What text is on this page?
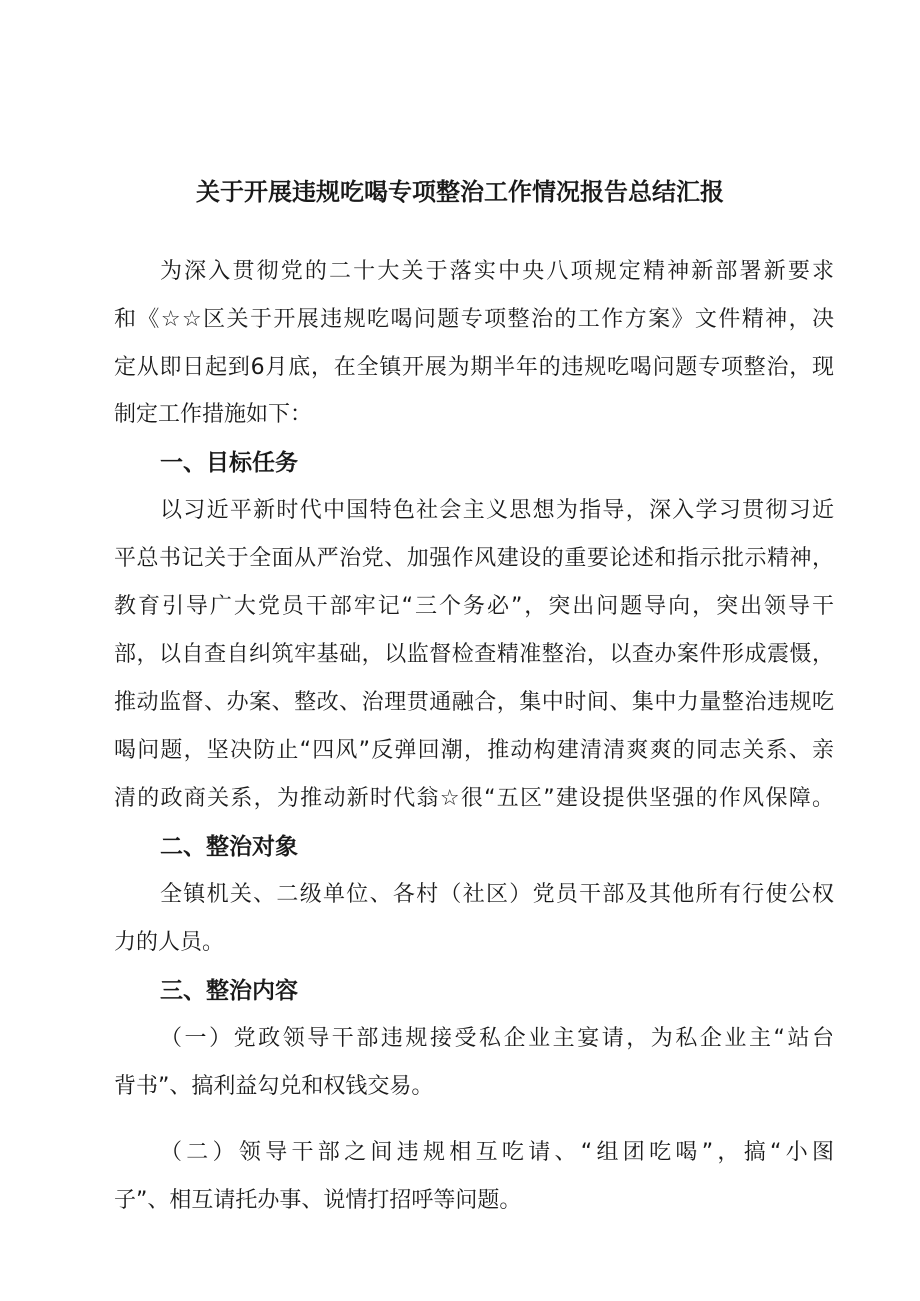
关于开展违规吃喝专项整治工作情况报告总结汇报
为深入贯彻党的二十大关于落实中央八项规定精神新部署新要求
和《☆☆区关于开展违规吃喝问题专项整治的工作方案》文件精神，决
定从即日起到6月底，在全镇开展为期半年的违规吃喝问题专项整治，现
制定工作措施如下：
一、目标任务
以习近平新时代中国特色社会主义思想为指导，深入学习贯彻习近
平总书记关于全面从严治党、加强作风建设的重要论述和指示批示精神，
教育引导广大党员干部牢记“三个务必”，突出问题导向，突出领导干
部，以自查自纠筑牢基础，以监督检查精准整治，以查办案件形成震慑，
推动监督、办案、整改、治理贯通融合，集中时间、集中力量整治违规吃
喝问题，坚决防止“四风”反弹回潮，推动构建清清爽爽的同志关系、亲
清的政商关系，为推动新时代翁☆很“五区”建设提供坚强的作风保障。
二、整治对象
全镇机关、二级单位、各村（社区）党员干部及其他所有行使公权
力的人员。
三、整治内容
（一）党政领导干部违规接受私企业主宴请，为私企业主“站台
背书”、搞利益勾兑和权钱交易。
（二）领导干部之间违规相互吃请、“组团吃喝”，搞“小图
子”、相互请托办事、说情打招呼等问题。
